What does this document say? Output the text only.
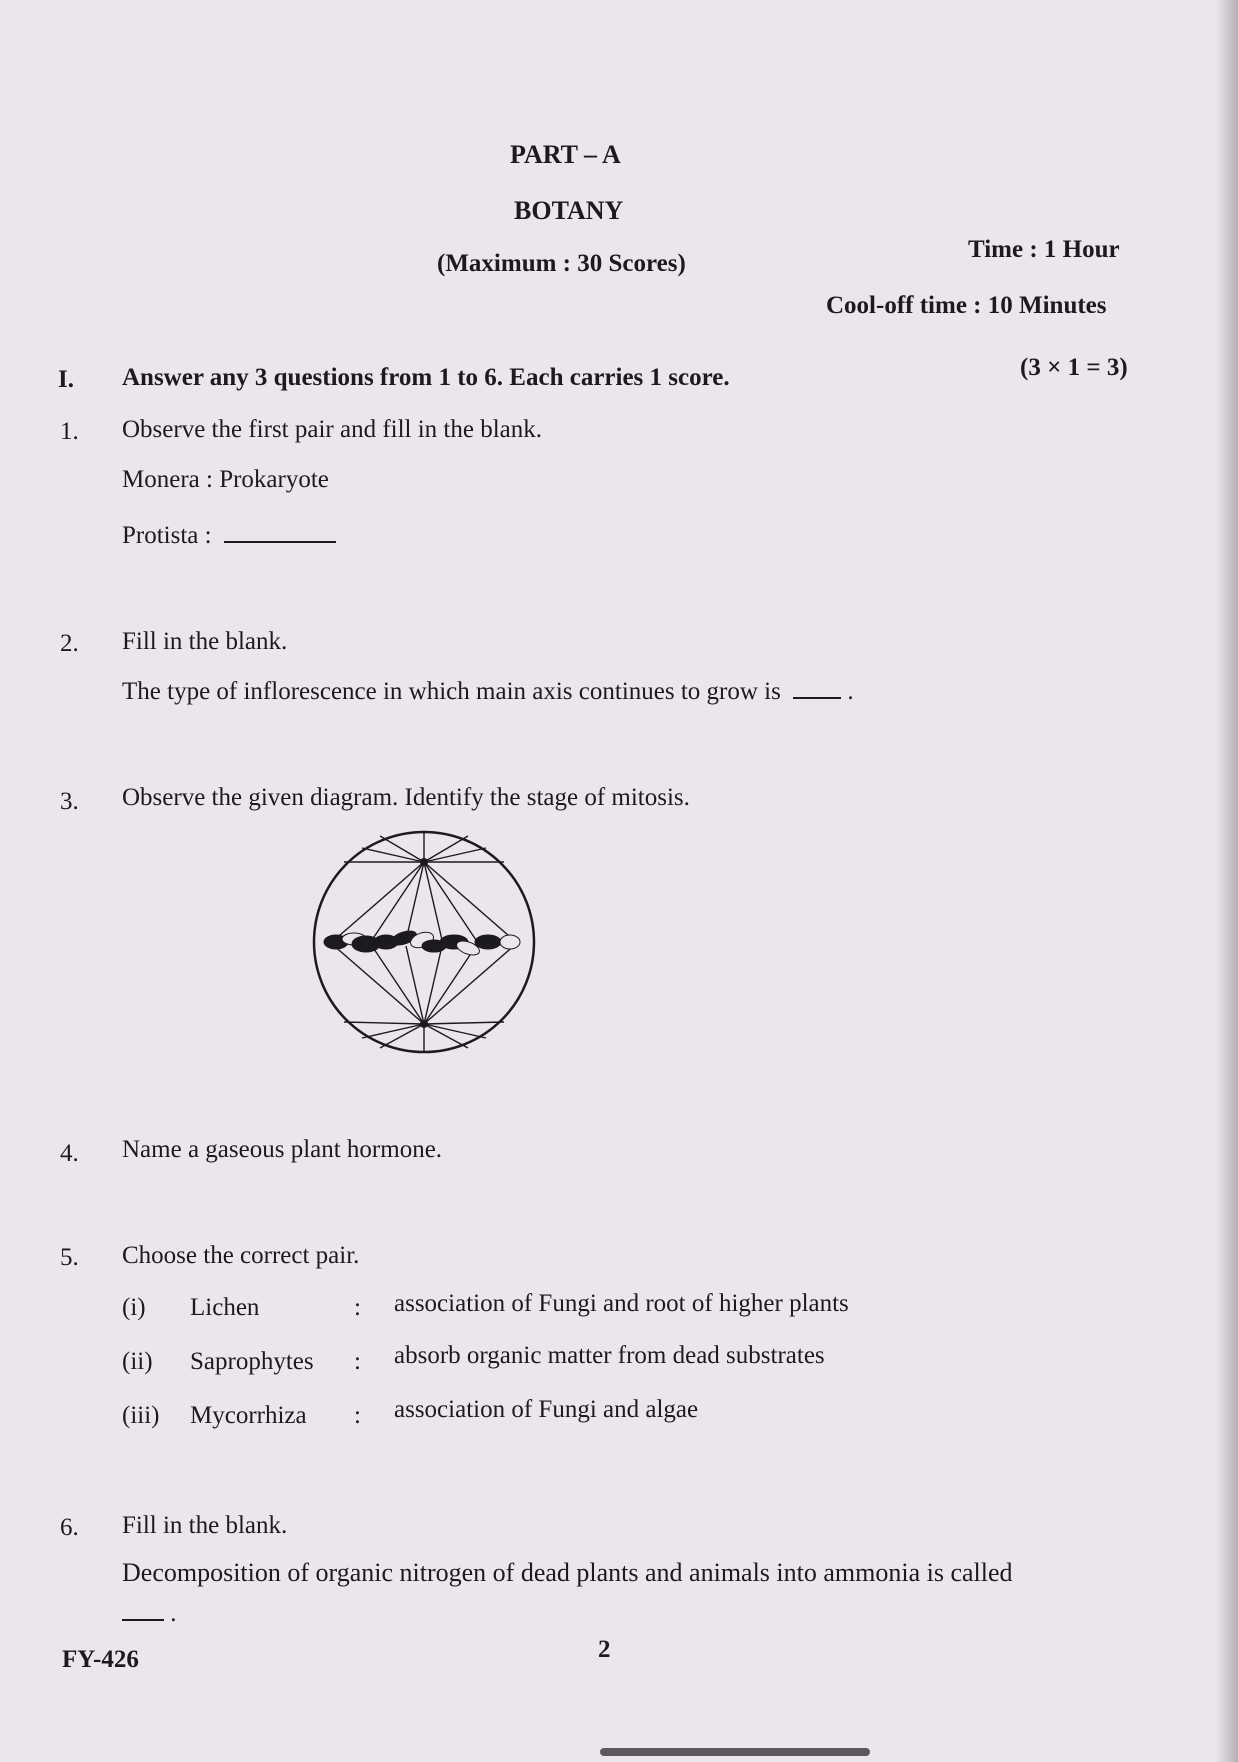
PART – A
BOTANY
(Maximum : 30 Scores)
Time : 1 Hour
Cool-off time : 10 Minutes
I. Answer any 3 questions from 1 to 6. Each carries 1 score.	(3 × 1 = 3)
1. Observe the first pair and fill in the blank.
Monera : Prokaryote
Protista :
2. Fill in the blank.
The type of inflorescence in which main axis continues to grow is	.
3. Observe the given diagram. Identify the stage of mitosis.
4. Name a gaseous plant hormone.
5. Choose the correct pair.
(i) Lichen	: association of Fungi and root of higher plants
(ii) Saprophytes : absorb organic matter from dead substrates
(iii) Mycorrhiza : association of Fungi and algae
6. Fill in the blank.
Decomposition of organic nitrogen of dead plants and animals into ammonia is called
.
FY-426	2
